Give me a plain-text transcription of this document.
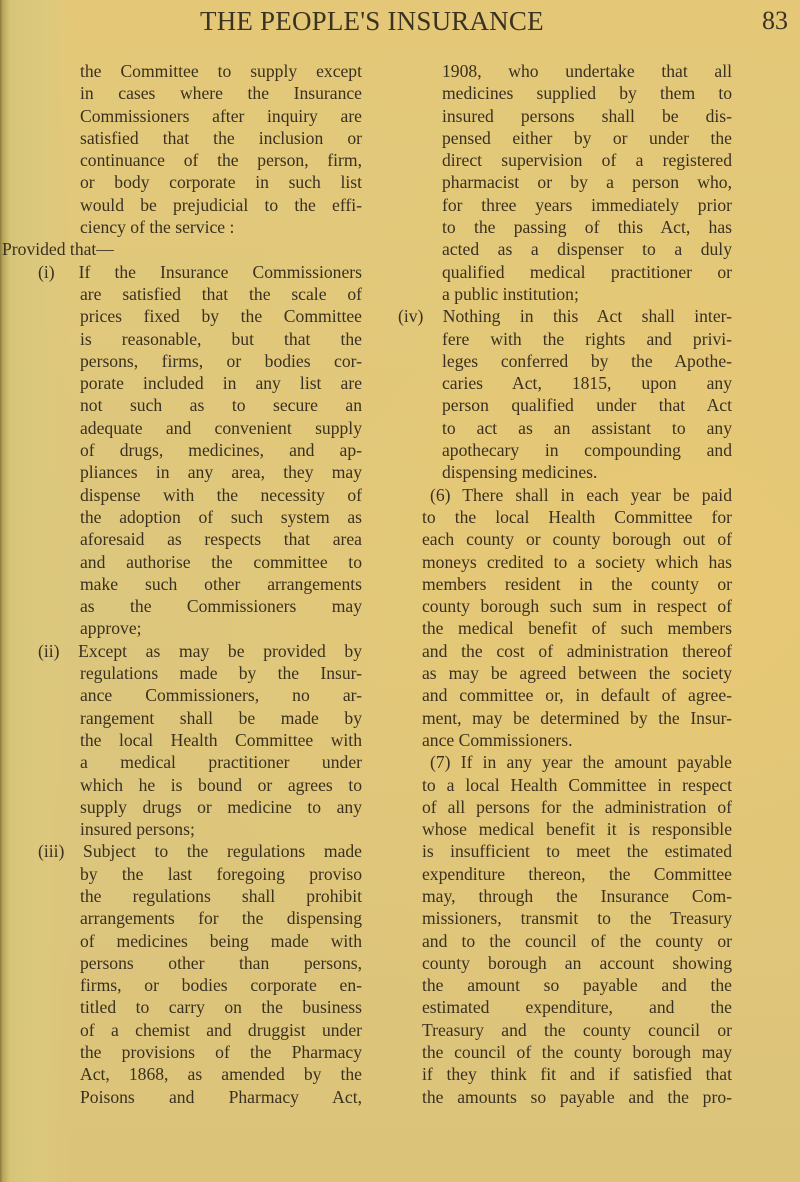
THE PEOPLE'S INSURANCE	83
the Committee to supply except
in cases where the Insurance
Commissioners after inquiry are
satisfied that the inclusion or
continuance of the person, firm,
or body corporate in such list
would be prejudicial to the effi-
ciency of the service :
Provided that—
(i) If the Insurance Commissioners
are satisfied that the scale of
prices fixed by the Committee
is reasonable, but that the
persons, firms, or bodies cor-
porate included in any list are
not such as to secure an
adequate and convenient supply
of drugs, medicines, and ap-
pliances in any area, they may
dispense with the necessity of
the adoption of such system as
aforesaid as respects that area
and authorise the committee to
make such other arrangements
as the Commissioners may
approve;
(ii) Except as may be provided by
regulations made by the Insur-
ance Commissioners, no ar-
rangement shall be made by
the local Health Committee with
a medical practitioner under
which he is bound or agrees to
supply drugs or medicine to any
insured persons;
(iii) Subject to the regulations made
by the last foregoing proviso
the regulations shall prohibit
arrangements for the dispensing
of medicines being made with
persons other than persons,
firms, or bodies corporate en-
titled to carry on the business
of a chemist and druggist under
the provisions of the Pharmacy
Act, 1868, as amended by the
Poisons and Pharmacy Act,
1908, who undertake that all
medicines supplied by them to
insured persons shall be dis-
pensed either by or under the
direct supervision of a registered
pharmacist or by a person who,
for three years immediately prior
to the passing of this Act, has
acted as a dispenser to a duly
qualified medical practitioner or
a public institution;
(iv) Nothing in this Act shall inter-
fere with the rights and privi-
leges conferred by the Apothe-
caries Act, 1815, upon any
person qualified under that Act
to act as an assistant to any
apothecary in compounding and
dispensing medicines.
(6) There shall in each year be paid
to the local Health Committee for
each county or county borough out of
moneys credited to a society which has
members resident in the county or
county borough such sum in respect of
the medical benefit of such members
and the cost of administration thereof
as may be agreed between the society
and committee or, in default of agree-
ment, may be determined by the Insur-
ance Commissioners.
(7) If in any year the amount payable
to a local Health Committee in respect
of all persons for the administration of
whose medical benefit it is responsible
is insufficient to meet the estimated
expenditure thereon, the Committee
may, through the Insurance Com-
missioners, transmit to the Treasury
and to the council of the county or
county borough an account showing
the amount so payable and the
estimated expenditure, and the
Treasury and the county council or
the council of the county borough may
if they think fit and if satisfied that
the amounts so payable and the pro-
